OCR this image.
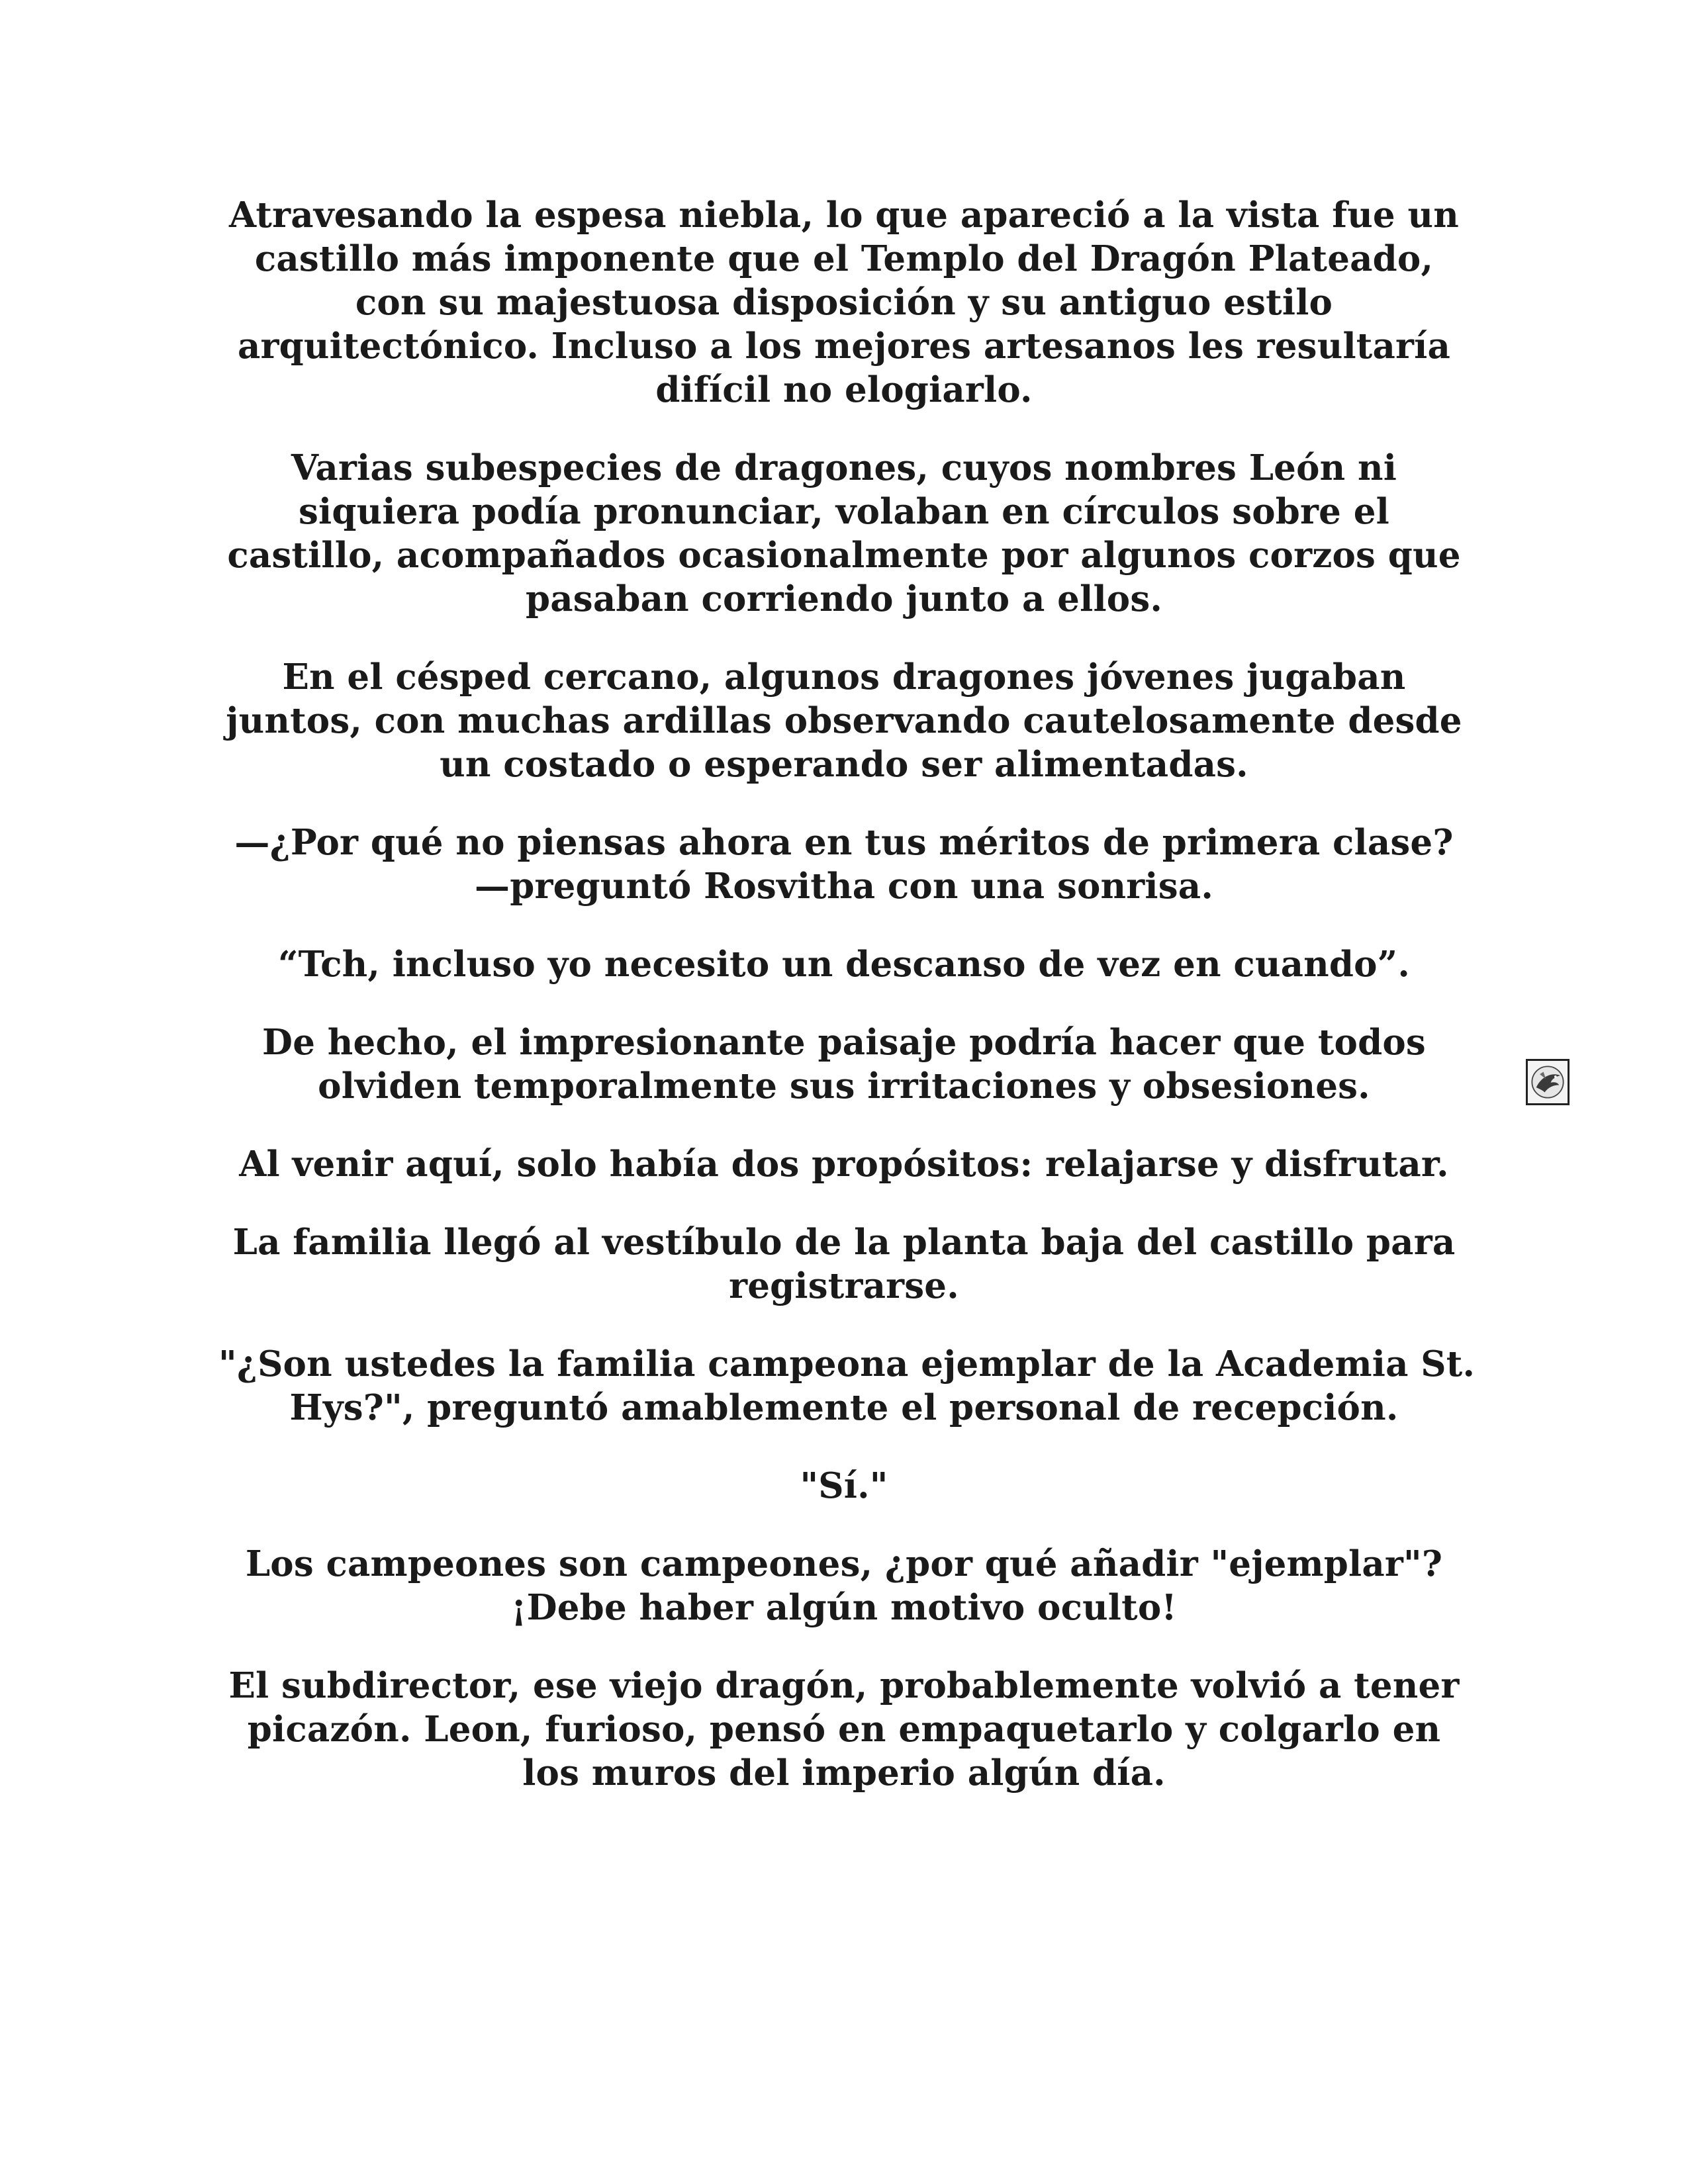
Atravesando la espesa niebla, lo que apareció a la vista fue un
castillo más imponente que el Templo del Dragón Plateado,
con su majestuosa disposición y su antiguo estilo
arquitectónico. Incluso a los mejores artesanos les resultaría
difícil no elogiarlo.

Varias subespecies de dragones, cuyos nombres León ni
siquiera podía pronunciar, volaban en círculos sobre el
castillo, acompañados ocasionalmente por algunos corzos que
pasaban corriendo junto a ellos.

En el césped cercano, algunos dragones jóvenes jugaban
juntos, con muchas ardillas observando cautelosamente desde
un costado o esperando ser alimentadas.

—¿Por qué no piensas ahora en tus méritos de primera clase?
—preguntó Rosvitha con una sonrisa.

“Tch, incluso yo necesito un descanso de vez en cuando”.

De hecho, el impresionante paisaje podría hacer que todos
olviden temporalmente sus irritaciones y obsesiones.

Al venir aquí, solo había dos propósitos: relajarse y disfrutar.

La familia llegó al vestíbulo de la planta baja del castillo para
registrarse.

"¿Son ustedes la familia campeona ejemplar de la Academia St.
Hys?", preguntó amablemente el personal de recepción.

"Sí."

Los campeones son campeones, ¿por qué añadir "ejemplar"?
¡Debe haber algún motivo oculto!

El subdirector, ese viejo dragón, probablemente volvió a tener
picazón. Leon, furioso, pensó en empaquetarlo y colgarlo en
los muros del imperio algún día.
